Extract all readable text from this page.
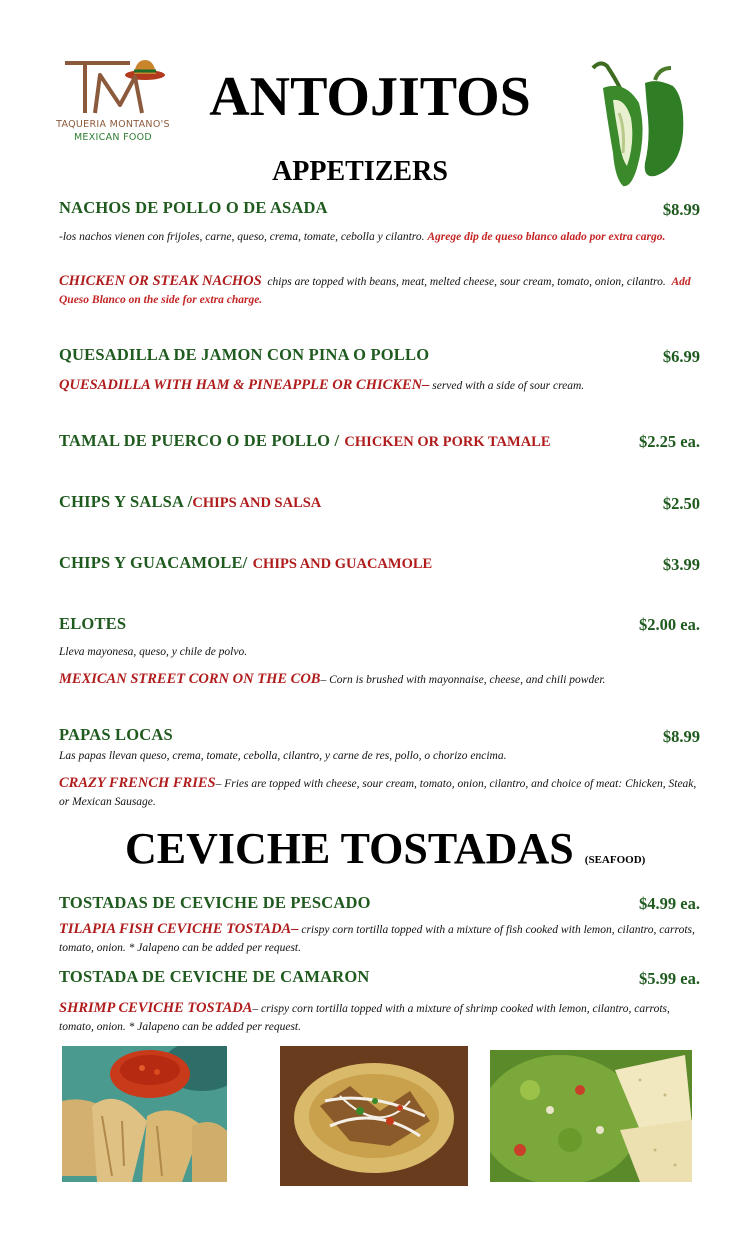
TAQUERIA MONTANO'S
MEXICAN FOOD
ANTOJITOS
APPETIZERS
NACHOS DE POLLO O DE ASADA	$8.99
-los nachos vienen con frijoles, carne, queso, crema, tomate, cebolla y cilantro. Agrege dip de queso blanco alado por extra cargo.
CHICKEN OR STEAK NACHOS chips are topped with beans, meat, melted cheese, sour cream, tomato, onion, cilantro. Add Queso Blanco on the side for extra charge.
QUESADILLA DE JAMON CON PINA O POLLO	$6.99
QUESADILLA WITH HAM & PINEAPPLE OR CHICKEN– served with a side of sour cream.
TAMAL DE PUERCO O DE POLLO / CHICKEN OR PORK TAMALE	$2.25 ea.
CHIPS Y SALSA /CHIPS AND SALSA	$2.50
CHIPS Y GUACAMOLE/ CHIPS AND GUACAMOLE	$3.99
ELOTES	$2.00 ea.
Lleva mayonesa, queso, y chile de polvo.
MEXICAN STREET CORN ON THE COB– Corn is brushed with mayonnaise, cheese, and chili powder.
PAPAS LOCAS	$8.99
Las papas llevan queso, crema, tomate, cebolla, cilantro, y carne de res, pollo, o chorizo encima.
CRAZY FRENCH FRIES– Fries are topped with cheese, sour cream, tomato, onion, cilantro, and choice of meat: Chicken, Steak, or Mexican Sausage.
CEVICHE TOSTADAS (SEAFOOD)
TOSTADAS DE CEVICHE DE PESCADO	$4.99 ea.
TILAPIA FISH CEVICHE TOSTADA– crispy corn tortilla topped with a mixture of fish cooked with lemon, cilantro, carrots, tomato, onion. * Jalapeno can be added per request.
TOSTADA DE CEVICHE DE CAMARON	$5.99 ea.
SHRIMP CEVICHE TOSTADA– crispy corn tortilla topped with a mixture of shrimp cooked with lemon, cilantro, carrots, tomato, onion. * Jalapeno can be added per request.
